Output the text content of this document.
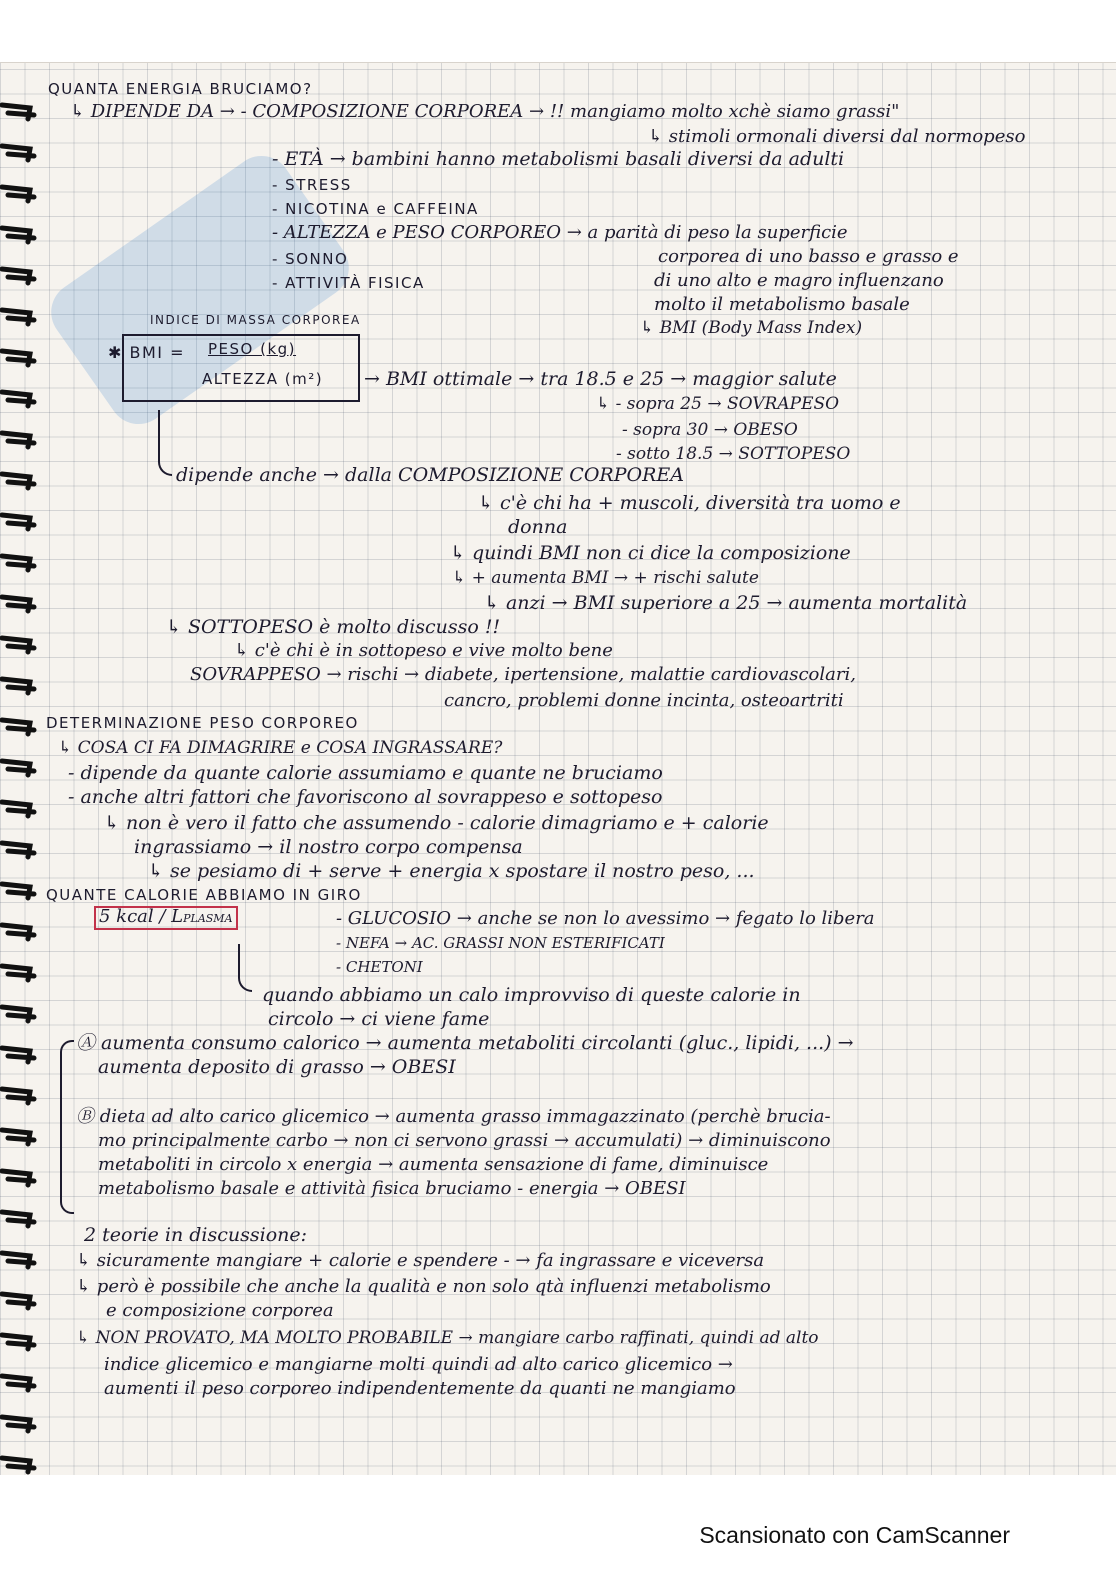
QUANTA ENERGIA BRUCIAMO?
↳ DIPENDE DA → - COMPOSIZIONE CORPOREA → !! mangiamo molto xchè siamo grassi"
↳ stimoli ormonali diversi dal normopeso
- ETÀ → bambini hanno metabolismi basali diversi da adulti
- STRESS
- NICOTINA e CAFFEINA
- ALTEZZA e PESO CORPOREO → a parità di peso la superficie
corporea di uno basso e grasso e
- SONNO
- ATTIVITÀ FISICA	di uno alto e magro influenzano
molto il metabolismo basale
↳ BMI (Body Mass Index)
INDICE DI MASSA CORPOREA
✱ BMI = PESO (kg)
ALTEZZA (m²) → BMI ottimale → tra 18.5 e 25 → maggior salute
↳ - sopra 25 → SOVRAPESO
- sopra 30 → OBESO
- sotto 18.5 → SOTTOPESO
dipende anche → dalla COMPOSIZIONE CORPOREA
↳ c'è chi ha + muscoli, diversità tra uomo e
donna
↳ quindi BMI non ci dice la composizione
↳ + aumenta BMI → + rischi salute
↳ anzi → BMI superiore a 25 → aumenta mortalità
↳ SOTTOPESO è molto discusso !!
↳ c'è chi è in sottopeso e vive molto bene
SOVRAPPESO → rischi → diabete, ipertensione, malattie cardiovascolari,
cancro, problemi donne incinta, osteoartriti
DETERMINAZIONE PESO CORPOREO
↳ COSA CI FA DIMAGRIRE e COSA INGRASSARE?
- dipende da quante calorie assumiamo e quante ne bruciamo
- anche altri fattori che favoriscono al sovrappeso e sottopeso
↳ non è vero il fatto che assumendo - calorie dimagriamo e + calorie
ingrassiamo → il nostro corpo compensa
↳ se pesiamo di + serve + energia x spostare il nostro peso, ...
QUANTE CALORIE ABBIAMO IN GIRO
5 kcal / LPLASMA	- GLUCOSIO → anche se non lo avessimo → fegato lo libera
- NEFA → AC. GRASSI NON ESTERIFICATI
- CHETONI
quando abbiamo un calo improvviso di queste calorie in
circolo → ci viene fame
Ⓐ aumenta consumo calorico → aumenta metaboliti circolanti (gluc., lipidi, ...) →
aumenta deposito di grasso → OBESI
Ⓑ dieta ad alto carico glicemico → aumenta grasso immagazzinato (perchè brucia-
mo principalmente carbo → non ci servono grassi → accumulati) → diminuiscono
metaboliti in circolo x energia → aumenta sensazione di fame, diminuisce
metabolismo basale e attività fisica bruciamo - energia → OBESI
2 teorie in discussione:
↳ sicuramente mangiare + calorie e spendere - → fa ingrassare e viceversa
↳ però è possibile che anche la qualità e non solo qtà influenzi metabolismo
e composizione corporea
↳ NON PROVATO, MA MOLTO PROBABILE → mangiare carbo raffinati, quindi ad alto
indice glicemico e mangiarne molti quindi ad alto carico glicemico →
aumenti il peso corporeo indipendentemente da quanti ne mangiamo
Scansionato con CamScanner
